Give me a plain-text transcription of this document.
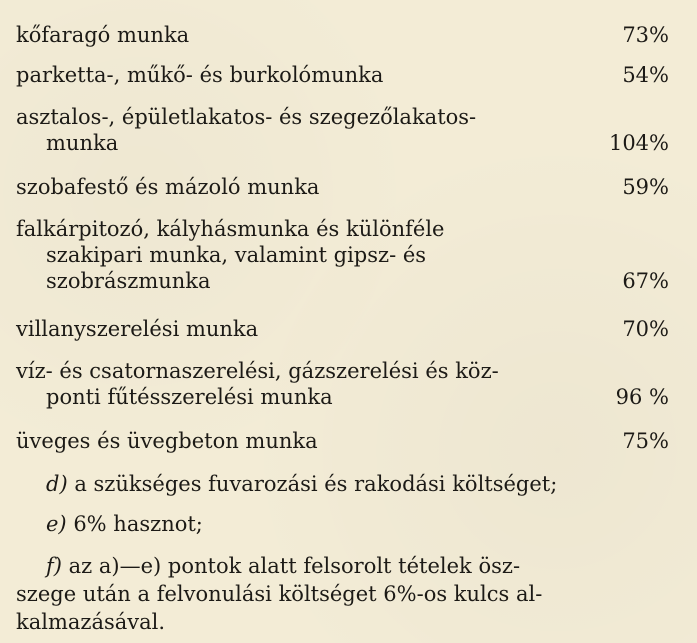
kőfaragó munka	73%
parketta-, műkő- és burkolómunka	54%
asztalos-, épületlakatos- és szegezőlakatos-
munka	104%
szobafestő és mázoló munka	59%
falkárpitozó, kályhásmunka és különféle
szakipari munka, valamint gipsz- és
szobrászmunka	67%
villanyszerelési munka	70%
víz- és csatornaszerelési, gázszerelési és köz-
ponti fűtésszerelési munka	96 %
üveges és üvegbeton munka	75%
d) a szükséges fuvarozási és rakodási költséget;
e) 6% hasznot;
f) az a)—e) pontok alatt felsorolt tételek ösz-
szege után a felvonulási költséget 6%-os kulcs al-
kalmazásával.
